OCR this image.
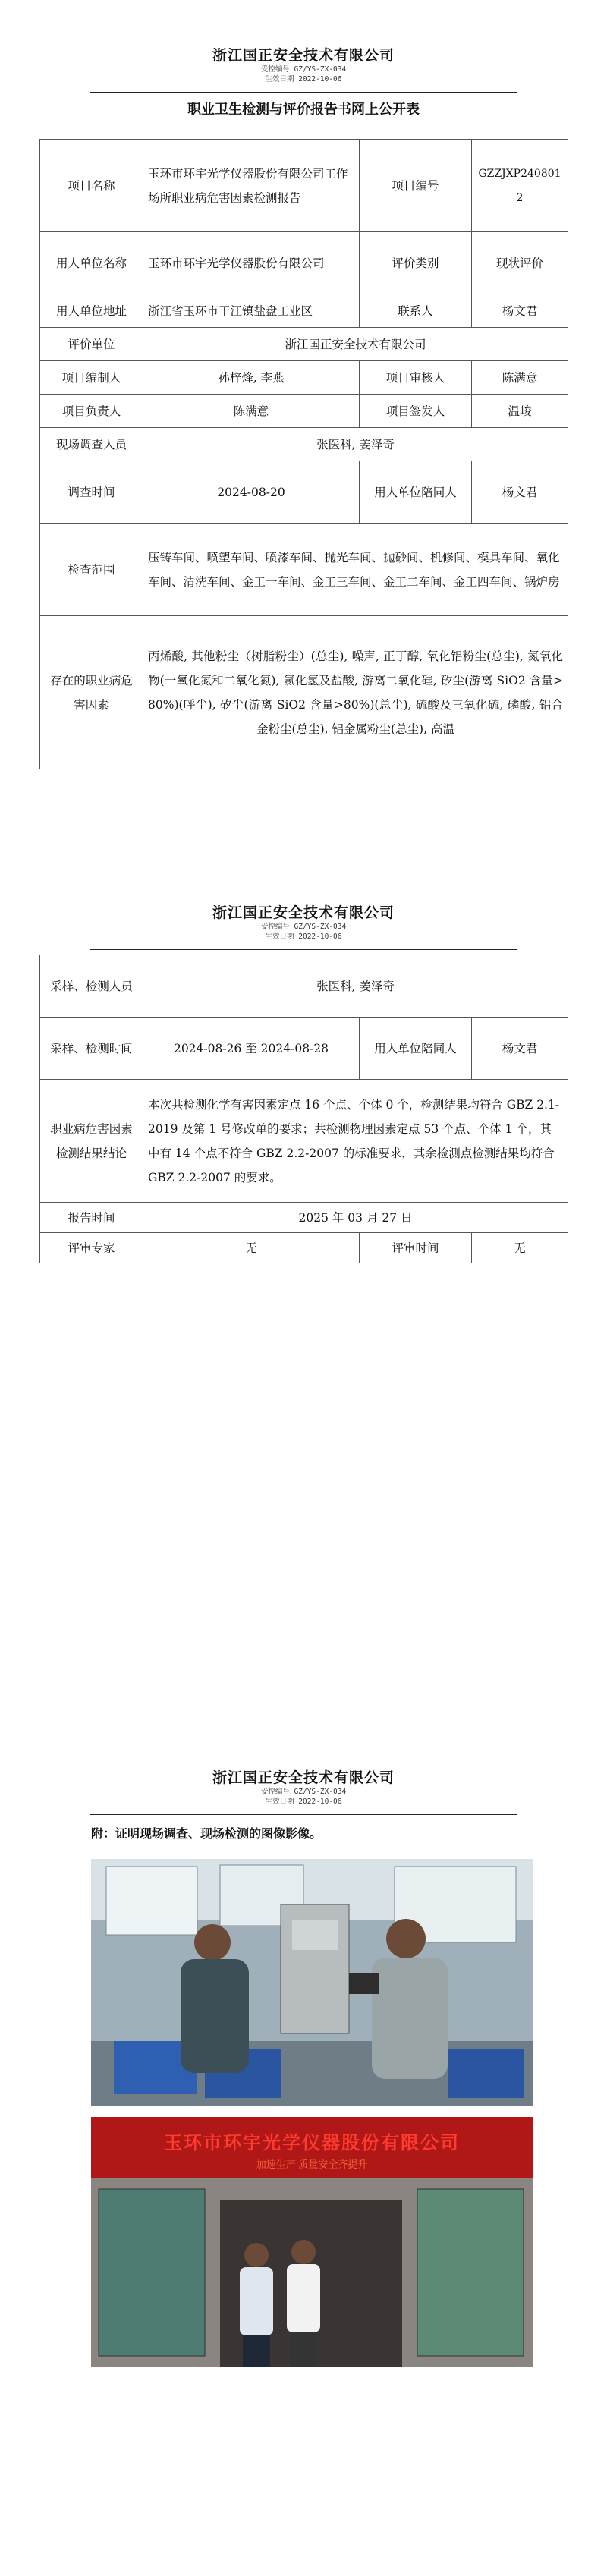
浙江国正安全技术有限公司
受控编号 GZ/YS-ZX-034
生效日期 2022-10-06
职业卫生检测与评价报告书网上公开表
项目名称	玉环市环宇光学仪器股份有限公司工作场所职业病危害因素检测报告	项目编号	GZZJXP2408012
用人单位名称	玉环市环宇光学仪器股份有限公司	评价类别	现状评价
用人单位地址	浙江省玉环市干江镇盐盘工业区	联系人	杨文君
评价单位	浙江国正安全技术有限公司		
项目编制人	孙梓烽, 李燕	项目审核人	陈满意
项目负责人	陈满意	项目签发人	温峻
现场调查人员	张医科, 姜泽奇		
调查时间	2024-08-20	用人单位陪同人	杨文君
检查范围	压铸车间、喷塑车间、喷漆车间、抛光车间、抛砂间、机修间、模具车间、氧化车间、清洗车间、金工一车间、金工三车间、金工二车间、金工四车间、锅炉房		
存在的职业病危害因素	丙烯酸, 其他粉尘（树脂粉尘）(总尘), 噪声, 正丁醇, 氧化铝粉尘(总尘), 氮氧化物(一氧化氮和二氧化氮), 氯化氢及盐酸, 游离二氧化硅, 矽尘(游离 SiO2 含量>80%)(呼尘), 矽尘(游离 SiO2 含量>80%)(总尘), 硫酸及三氧化硫, 磷酸, 铝合金粉尘(总尘), 铝金属粉尘(总尘), 高温		
浙江国正安全技术有限公司
受控编号 GZ/YS-ZX-034
生效日期 2022-10-06
采样、检测人员	张医科, 姜泽奇		
采样、检测时间	2024-08-26 至 2024-08-28	用人单位陪同人	杨文君
职业病危害因素检测结果结论	本次共检测化学有害因素定点 16 个点、个体 0 个，检测结果均符合 GBZ 2.1-2019 及第 1 号修改单的要求；共检测物理因素定点 53 个点、个体 1 个，其中有 14 个点不符合 GBZ 2.2-2007 的标准要求，其余检测点检测结果均符合 GBZ 2.2-2007 的要求。		
报告时间	2025 年 03 月 27 日		
评审专家	无	评审时间	无
浙江国正安全技术有限公司
受控编号 GZ/YS-ZX-034
生效日期 2022-10-06
附：证明现场调查、现场检测的图像影像。
玉环市环宇光学仪器股份有限公司
加速生产 质量安全齐提升
